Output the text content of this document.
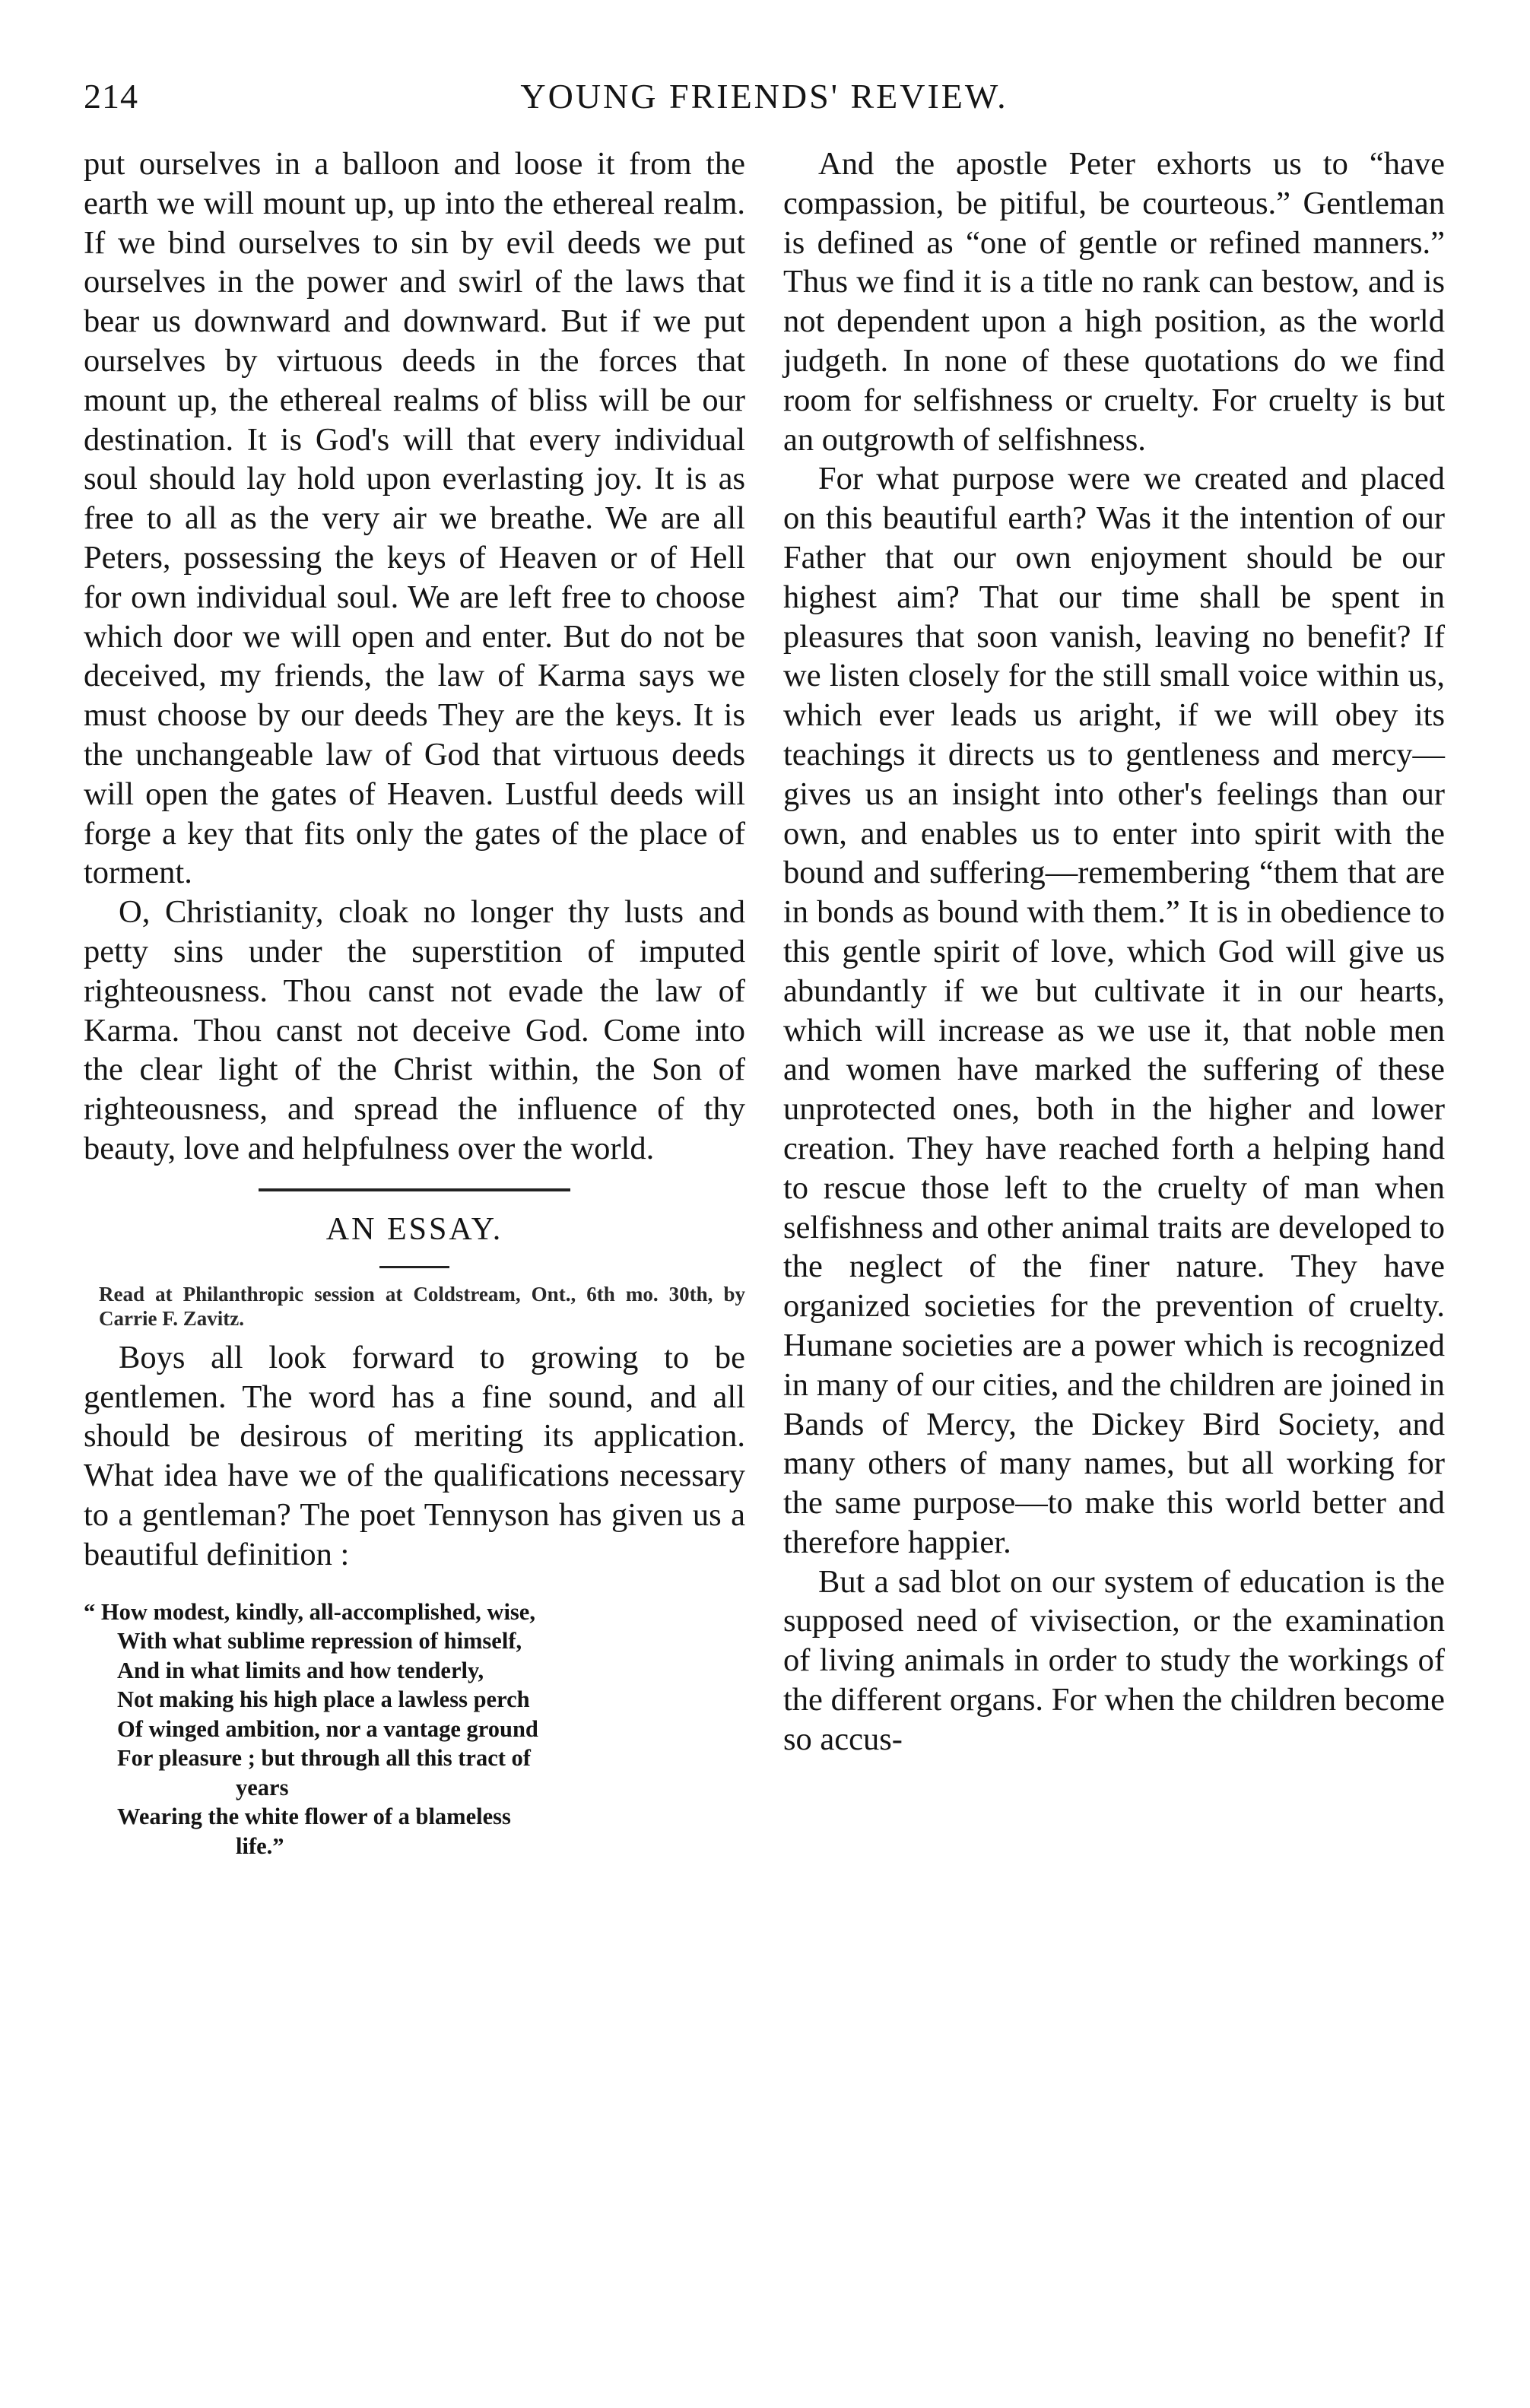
214	YOUNG FRIENDS' REVIEW.

put ourselves in a balloon and loose it from the earth we will mount up, up into the ethereal realm. If we bind ourselves to sin by evil deeds we put ourselves in the power and swirl of the laws that bear us downward and downward. But if we put ourselves by virtuous deeds in the forces that mount up, the ethereal realms of bliss will be our destination. It is God's will that every individual soul should lay hold upon everlasting joy. It is as free to all as the very air we breathe. We are all Peters, possessing the keys of Heaven or of Hell for own individual soul. We are left free to choose which door we will open and enter. But do not be deceived, my friends, the law of Karma says we must choose by our deeds They are the keys. It is the unchangeable law of God that virtuous deeds will open the gates of Heaven. Lustful deeds will forge a key that fits only the gates of the place of torment.

O, Christianity, cloak no longer thy lusts and petty sins under the superstition of imputed righteousness. Thou canst not evade the law of Karma. Thou canst not deceive God. Come into the clear light of the Christ within, the Son of righteousness, and spread the influence of thy beauty, love and helpfulness over the world.

AN ESSAY.

Read at Philanthropic session at Coldstream, Ont., 6th mo. 30th, by Carrie F. Zavitz.

Boys all look forward to growing to be gentlemen. The word has a fine sound, and all should be desirous of meriting its application. What idea have we of the qualifications necessary to a gentleman? The poet Tennyson has given us a beautiful definition :

“ How modest, kindly, all-accomplished, wise,
With what sublime repression of himself,
And in what limits and how tenderly,
Not making his high place a lawless perch
Of winged ambition, nor a vantage ground
For pleasure ; but through all this tract of
years
Wearing the white flower of a blameless
life.”

And the apostle Peter exhorts us to “have compassion, be pitiful, be courteous.” Gentleman is defined as “one of gentle or refined manners.” Thus we find it is a title no rank can bestow, and is not dependent upon a high position, as the world judgeth. In none of these quotations do we find room for selfishness or cruelty. For cruelty is but an outgrowth of selfishness.

For what purpose were we created and placed on this beautiful earth? Was it the intention of our Father that our own enjoyment should be our highest aim? That our time shall be spent in pleasures that soon vanish, leaving no benefit? If we listen closely for the still small voice within us, which ever leads us aright, if we will obey its teachings it directs us to gentleness and mercy—gives us an insight into other's feelings than our own, and enables us to enter into spirit with the bound and suffering—remembering “them that are in bonds as bound with them.” It is in obedience to this gentle spirit of love, which God will give us abundantly if we but cultivate it in our hearts, which will increase as we use it, that noble men and women have marked the suffering of these unprotected ones, both in the higher and lower creation. They have reached forth a helping hand to rescue those left to the cruelty of man when selfishness and other animal traits are developed to the neglect of the finer nature. They have organized societies for the prevention of cruelty. Humane societies are a power which is recognized in many of our cities, and the children are joined in Bands of Mercy, the Dickey Bird Society, and many others of many names, but all working for the same purpose—to make this world better and therefore happier.

But a sad blot on our system of education is the supposed need of vivisection, or the examination of living animals in order to study the workings of the different organs. For when the children become so accus-
